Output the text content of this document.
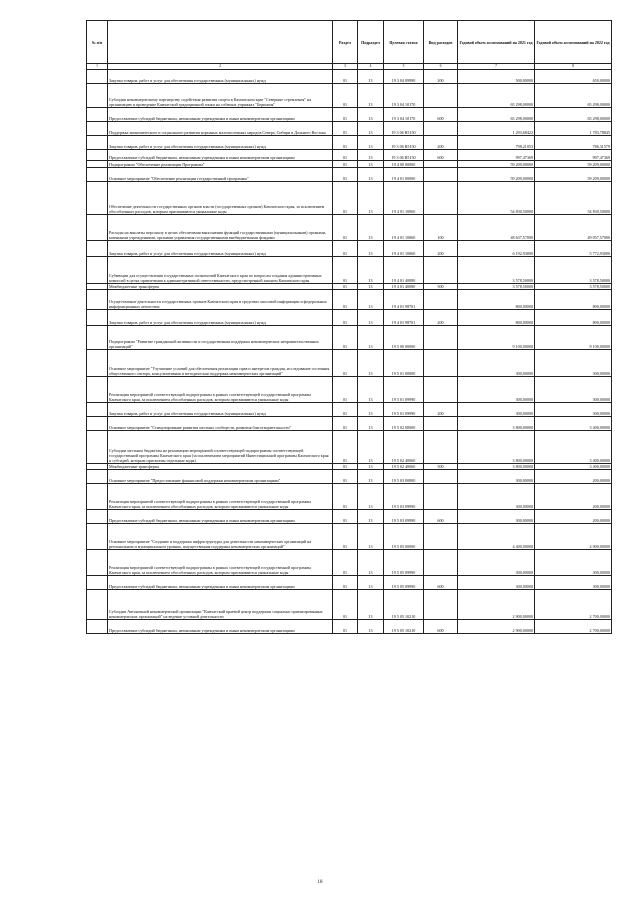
№ п/п		Раздел	Подраздел	Целевая статья	Вид расходов	Годовой объем ассигнований на 2021 год	Годовой объем ассигнований на 2022 год
1	2	3	4	5	6	7	8
	Закупка товаров, работ и услуг для обеспечения государственных (муниципальных) нужд	01	13	19 3 04 09990	200	500,00000	650,00000
	Субсидия некоммерческому партнерству содействия развития спорта в Камчатском крае "Северные стремления" на организацию и проведение Камчатской традиционной гонки на собачьих упряжках "Берингия"	01	13	19 3 04 10170		65 298,00000	65 298,00000
	Предоставление субсидий бюджетным, автономным учреждениям и иным некоммерческим организациям	01	13	19 3 04 10170	600	65 298,00000	65 298,00000
	Поддержка экономического и социального развития коренных малочисленных народов Севера, Сибири и Дальнего Востока	01	13	19 3 06 R5150		1 293,68422	1 783,78845
	Закупка товаров, работ и услуг для обеспечения государственных (муниципальных) нужд	01	13	19 3 06 R5150	200	798,21053	786,31579
	Предоставление субсидий бюджетным, автономным учреждениям и иным некоммерческим организациям	01	13	19 3 06 R5150	600	997,47369	997,47369
	Подпрограмма "Обеспечение реализации Программы"	01	13	19 4 00 00000		59 209,00000	59 209,00000
	Основное мероприятие "Обеспечение реализации государственной программы"	01	13	19 4 01 00000		59 209,00000	59 209,00000
	Обеспечение деятельности государственных органов власти (государственных органов) Камчатского края, за исключением обособленных расходов, которым присваиваются уникальные коды	01	13	19 4 01 10060		54 830,50000	54 830,50000
	Расходы на выплаты персоналу в целях обеспечения выполнения функций государственными (муниципальными) органами, казенными учреждениями, органами управления государственными внебюджетными фондами	01	13	19 4 01 10060	100	48 637,57000	49 057,57000
	Закупка товаров, работ и услуг для обеспечения государственных (муниципальных) нужд	01	13	19 4 01 10060	200	6 192,93000	5 772,93000
	Субвенции для осуществления государственных полномочий Камчатского края по вопросам создания административных комиссий в целях привлечения к административной ответственности, предусмотренной законом Камчатского края	01	13	19 4 01 40080		3 578,50000	3 578,50000
	Межбюджетные трансферты	01	13	19 4 01 40080	500	3 578,50000	3 578,50000
	Осуществление деятельности государственных органов Камчатского края в средствах массовой информации и федеральных информационных агентствах	01	13	19 4 01 98701		800,00000	800,00000
	Закупка товаров, работ и услуг для обеспечения государственных (муниципальных) нужд	01	13	19 4 01 98701	200	800,00000	800,00000
	Подпрограмма "Развитие гражданской активности и государственная поддержка некоммерческих неправительственных организаций"	01	13	19 5 00 00000		9 100,00000	8 100,00000
	Основное мероприятие "Улучшение условий для обеспечения реализации прав и интересов граждан, исследование состояния общественного сектора, консультативная и методическая поддержка некоммерческих организаций"	01	13	19 5 01 00000		300,00000	300,00000
	Реализация мероприятий соответствующей подпрограммы в рамках соответствующей государственной программы Камчатского края, за исключением обособленных расходов, которым присваиваются уникальные коды	01	13	19 5 01 09990		300,00000	300,00000
	Закупка товаров, работ и услуг для обеспечения государственных (муниципальных) нужд	01	13	19 5 01 09990	200	300,00000	300,00000
	Основное мероприятие "Стимулирование развития местных сообществ, развития благотворительности"	01	13	19 5 02 00000		3 800,00000	3 400,00000
	Субсидии местным бюджетам на реализацию мероприятий соответствующей подпрограммы соответствующей государственной программы Камчатского края (за исключением мероприятий Инвестиционной программы Камчатского края и субсидий, которым присвоены отдельные коды)	01	13	19 5 02 40060		3 800,00000	3 400,00000
	Межбюджетные трансферты	01	13	19 5 02 40060	500	3 800,00000	3 400,00000
	Основное мероприятие "Предоставление финансовой поддержки некоммерческим организациям"	01	13	19 5 03 00000		300,00000	200,00000
	Реализация мероприятий соответствующей подпрограммы в рамках соответствующей государственной программы Камчатского края, за исключением обособленных расходов, которым присваиваются уникальные коды	01	13	19 5 03 09990		300,00000	200,00000
	Предоставление субсидий бюджетным, автономным учреждениям и иным некоммерческим организациям	01	13	19 5 03 09990	600	300,00000	200,00000
	Основное мероприятие "Создание и поддержка инфраструктуры для деятельности некоммерческих организаций на региональном и муниципальном уровнях, имущественная поддержка некоммерческих организаций"	01	13	19 5 05 00000		4 400,00000	4 000,00000
	Реализация мероприятий соответствующей подпрограммы в рамках соответствующей государственной программы Камчатского края, за исключением обособленных расходов, которым присваиваются уникальные коды	01	13	19 5 05 09990		300,00000	300,00000
	Предоставление субсидий бюджетным, автономным учреждениям и иным некоммерческим организациям	01	13	19 5 05 09990	600	300,00000	300,00000
	Субсидии Автономной некоммерческой организации "Камчатский краевой центр поддержки социально ориентированных некоммерческих организаций" на ведение уставной деятельности	01	13	19 5 05 10210		2 900,00000	2 700,00000
	Предоставление субсидий бюджетным, автономным учреждениям и иным некоммерческим организациям	01	13	19 5 05 10210	600	2 900,00000	2 700,00000
18
